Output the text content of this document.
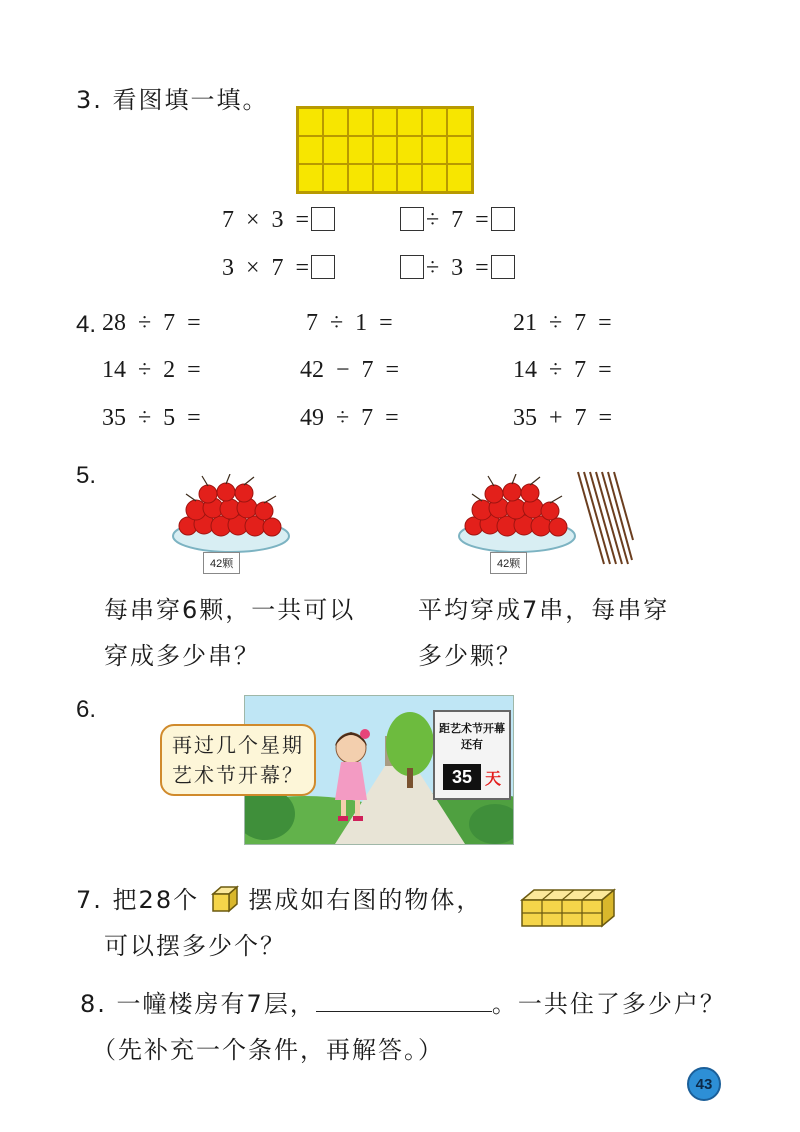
3. 看图填一填。
7 × 3 =	÷ 7 =
3 × 7 =	÷ 3 =
4. 28 ÷ 7 =	7 ÷ 1 =	21 ÷ 7 =
14 ÷ 2 =	42 − 7 =	14 ÷ 7 =
35 ÷ 5 =	49 ÷ 7 =	35 + 7 =
5.
42颗	42颗
每串穿6颗，一共可以
穿成多少串？
平均穿成7串，每串穿
多少颗？
6.
距艺术节开幕还有
35 天
再过几个星期
艺术节开幕？
7. 把28个 摆成如右图的物体，
可以摆多少个？
8. 一幢楼房有7层，	。一共住了多少户？
（先补充一个条件，再解答。）
43
